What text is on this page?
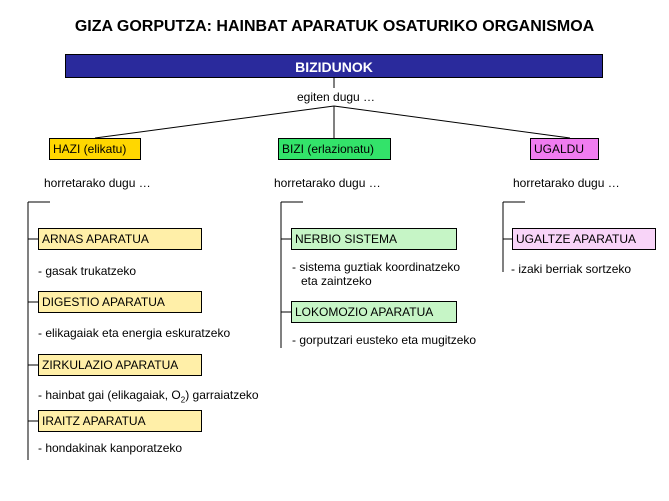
GIZA GORPUTZA: HAINBAT APARATUK OSATURIKO ORGANISMOA
BIZIDUNOK
egiten dugu …
HAZI (elikatu)	BIZI (erlazionatu)	UGALDU
horretarako dugu …	horretarako dugu …	horretarako dugu …
ARNAS APARATUA
- gasak trukatzeko
DIGESTIO APARATUA
- elikagaiak eta energia eskuratzeko
ZIRKULAZIO APARATUA
- hainbat gai (elikagaiak, $O_2$) garraiatzeko
IRAITZ APARATUA
- hondakinak kanporatzeko
NERBIO SISTEMA
- sistema guztiak koordinatzeko
eta zaintzeko
LOKOMOZIO APARATUA
- gorputzari eusteko eta mugitzeko
UGALTZE APARATUA
- izaki berriak sortzeko
